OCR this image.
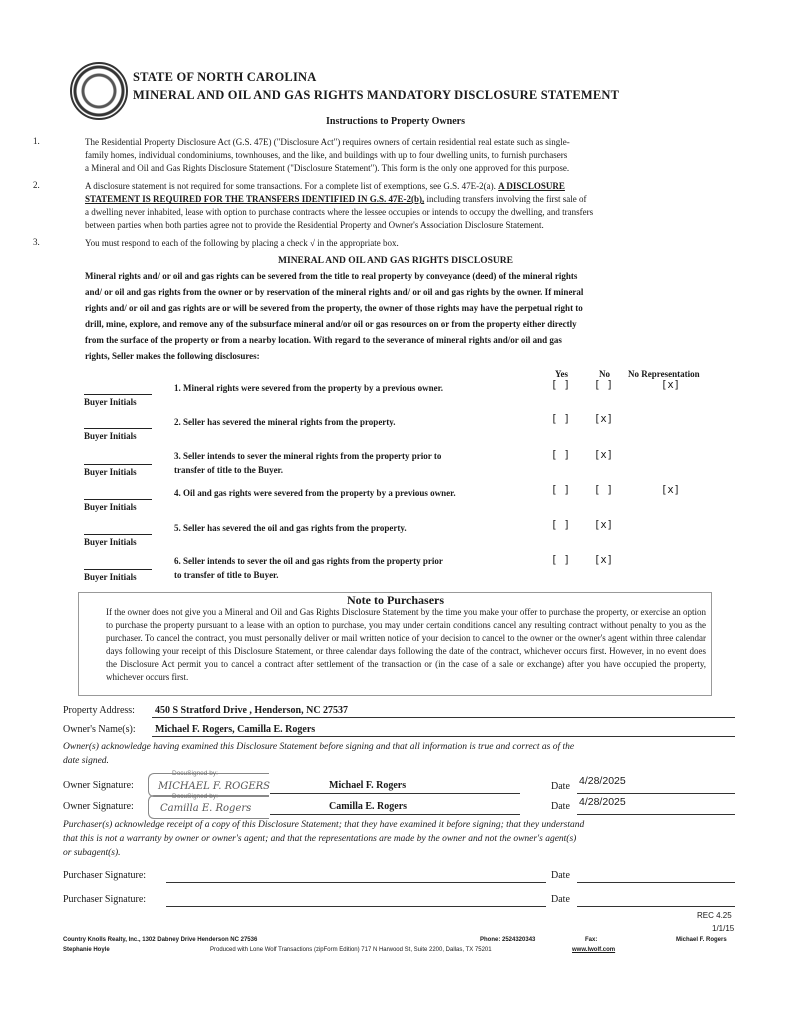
STATE OF NORTH CAROLINA
MINERAL AND OIL AND GAS RIGHTS MANDATORY DISCLOSURE STATEMENT
Instructions to Property Owners
1.	The Residential Property Disclosure Act (G.S. 47E) ("Disclosure Act") requires owners of certain residential real estate such as single-
family homes, individual condominiums, townhouses, and the like, and buildings with up to four dwelling units, to furnish purchasers
a Mineral and Oil and Gas Rights Disclosure Statement ("Disclosure Statement"). This form is the only one approved for this purpose.
2.	A disclosure statement is not required for some transactions. For a complete list of exemptions, see G.S. 47E-2(a). A DISCLOSURE
STATEMENT IS REQUIRED FOR THE TRANSFERS IDENTIFIED IN G.S. 47E-2(b), including transfers involving the first sale of
a dwelling never inhabited, lease with option to purchase contracts where the lessee occupies or intends to occupy the dwelling, and transfers
between parties when both parties agree not to provide the Residential Property and Owner's Association Disclosure Statement.
3.	You must respond to each of the following by placing a check √ in the appropriate box.
MINERAL AND OIL AND GAS RIGHTS DISCLOSURE
Mineral rights and/ or oil and gas rights can be severed from the title to real property by conveyance (deed) of the mineral rights
and/ or oil and gas rights from the owner or by reservation of the mineral rights and/ or oil and gas rights by the owner. If mineral
rights and/ or oil and gas rights are or will be severed from the property, the owner of those rights may have the perpetual right to
drill, mine, explore, and remove any of the subsurface mineral and/or oil or gas resources on or from the property either directly
from the surface of the property or from a nearby location. With regard to the severance of mineral rights and/or oil and gas
rights, Seller makes the following disclosures:
Yes	No No Representation
Buyer Initials
1. Mineral rights were severed from the property by a previous owner.	[ ] [ ]	[x]
Buyer Initials
2. Seller has severed the mineral rights from the property.	[ ] [x]
Buyer Initials
3. Seller intends to sever the mineral rights from the property prior to
transfer of title to the Buyer.
[ ] [x]
Buyer Initials
4. Oil and gas rights were severed from the property by a previous owner.	[ ] [ ]	[x]
Buyer Initials
5. Seller has severed the oil and gas rights from the property.	[ ] [x]
Buyer Initials
6. Seller intends to sever the oil and gas rights from the property prior
to transfer of title to Buyer.
[ ] [x]
Note to Purchasers
If the owner does not give you a Mineral and Oil and Gas Rights Disclosure Statement by the time you make your offer to purchase the property, or exercise an option to purchase the property pursuant to a lease with an option to purchase, you may under certain conditions cancel any resulting contract without penalty to you as the purchaser. To cancel the contract, you must personally deliver or mail written notice of your decision to cancel to the owner or the owner's agent within three calendar days following your receipt of this Disclosure Statement, or three calendar days following the date of the contract, whichever occurs first. However, in no event does the Disclosure Act permit you to cancel a contract after settlement of the transaction or (in the case of a sale or exchange) after you have occupied the property, whichever occurs first.
Property Address: 450 S Stratford Drive , Henderson, NC 27537
Owner's Name(s): Michael F. Rogers, Camilla E. Rogers
Owner(s) acknowledge having examined this Disclosure Statement before signing and that all information is true and correct as of the
date signed.
Owner Signature:
DocuSigned by:
MICHAEL F. ROGERS	Michael F. Rogers	Date 4/28/2025
Owner Signature:
DocuSigned by:
Camilla E. Rogers	Camilla E. Rogers	Date 4/28/2025
Purchaser(s) acknowledge receipt of a copy of this Disclosure Statement; that they have examined it before signing; that they understand
that this is not a warranty by owner or owner's agent; and that the representations are made by the owner and not the owner's agent(s)
or subagent(s).
Purchaser Signature:	Date
Purchaser Signature:	Date
REC 4.25
1/1/15
Country Knolls Realty, Inc., 1302 Dabney Drive Henderson NC 27536
Stephanie Hoyle
Phone: 2524320343	Fax:	Michael F. Rogers
Produced with Lone Wolf Transactions (zipForm Edition) 717 N Harwood St, Suite 2200, Dallas, TX 75201	www.lwolf.com
